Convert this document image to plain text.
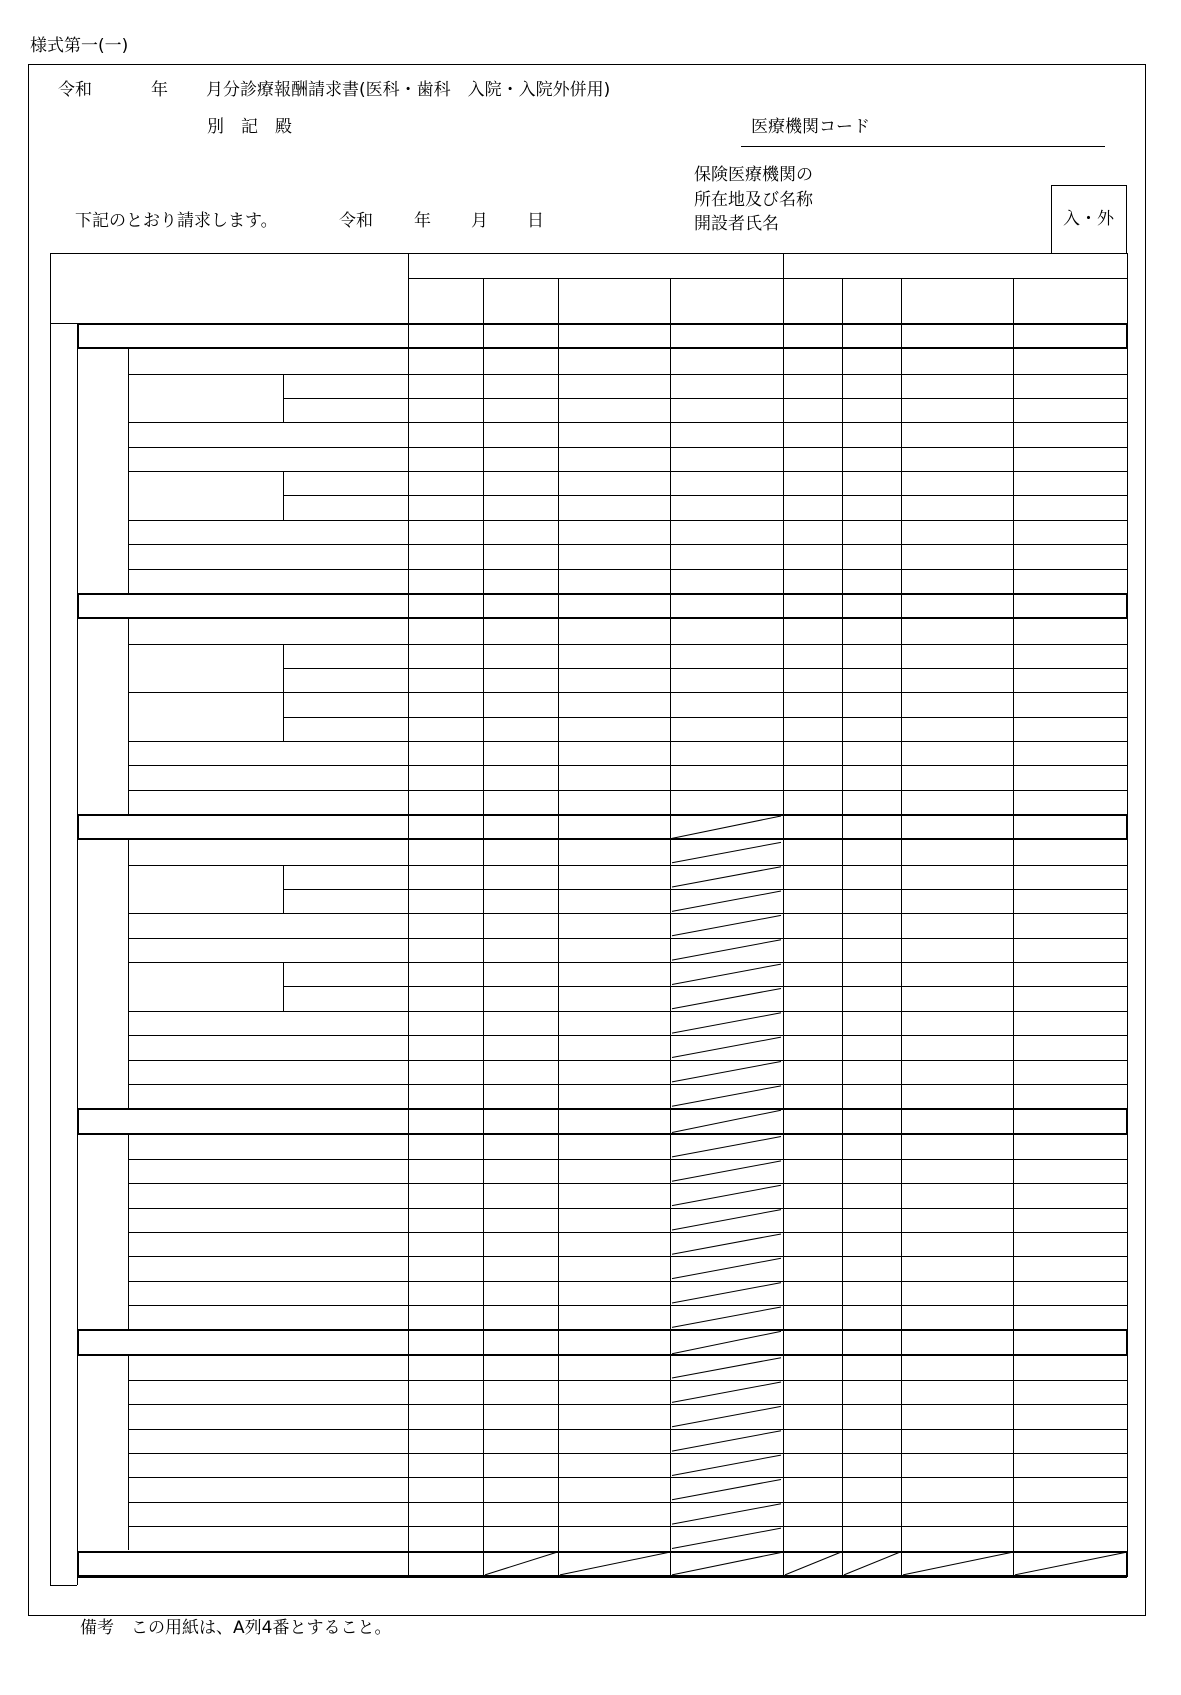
様式第一(一)
令和	年 月分診療報酬請求書(医科・歯科　入院・入院外併用)
別　記　殿	医療機関コード
保険医療機関の
所在地及び名称
開設者氏名
下記のとおり請求します。	令和 年 月 日	入・外
備考　この用紙は、A列4番とすること。
